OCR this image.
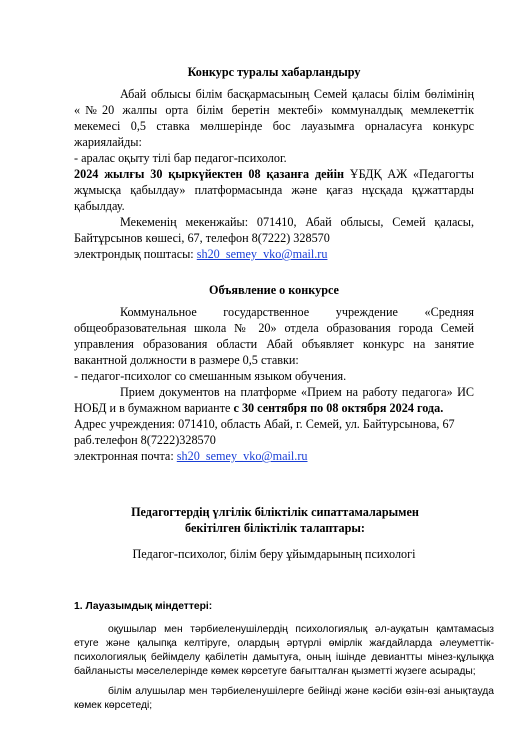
Конкурс туралы хабарландыру

Абай облысы білім басқармасының Семей қаласы білім бөлімінің «№20 жалпы орта білім беретін мектебі» коммуналдық мемлекеттік мекемесі 0,5 ставка мөлшерінде бос лауазымға орналасуға конкурс жариялайды:

- аралас оқыту тілі бар педагог-психолог.

2024 жылғы 30 қыркүйектен 08 қазанға дейін ҰБДҚ АЖ «Педагогты жұмысқа қабылдау» платформасында және қағаз нұсқада құжаттарды қабылдау.

Мекеменің мекенжайы: 071410, Абай облысы, Семей қаласы, Байтұрсынов көшесі, 67, телефон 8(7222) 328570

электрондық поштасы: sh20_semey_vko@mail.ru

Объявление о конкурсе

Коммунальное государственное учреждение «Средняя общеобразовательная школа № 20» отдела образования города Семей управления образования области Абай объявляет конкурс на занятие вакантной должности в размере 0,5 ставки:

- педагог-психолог со смешанным языком обучения.

Прием документов на платформе «Прием на работу педагога» ИС НОБД и в бумажном варианте с 30 сентября по 08 октября 2024 года.

Адрес учреждения: 071410, область Абай, г. Семей, ул. Байтурсынова, 67

раб.телефон 8(7222)328570

электронная почта: sh20_semey_vko@mail.ru

Педагогтердің үлгілік біліктілік сипаттамаларымен бекітілген біліктілік талаптары:
Педагог-психолог, білім беру ұйымдарының психологі
1. Лауазымдық міндеттері:

оқушылар мен тәрбиеленушілердің психологиялық әл-ауқатын қамтамасыз етуге және қалыпқа келтіруге, олардың әртүрлі өмірлік жағдайларда әлеуметтік-психологиялық бейімделу қабілетін дамытуға, оның ішінде девиантты мінез-құлыққа байланысты мәселелерінде көмек көрсетуге бағытталған қызметті жүзеге асырады;

білім алушылар мен тәрбиеленушілерге бейінді және кәсіби өзін-өзі анықтауда көмек көрсетеді;
